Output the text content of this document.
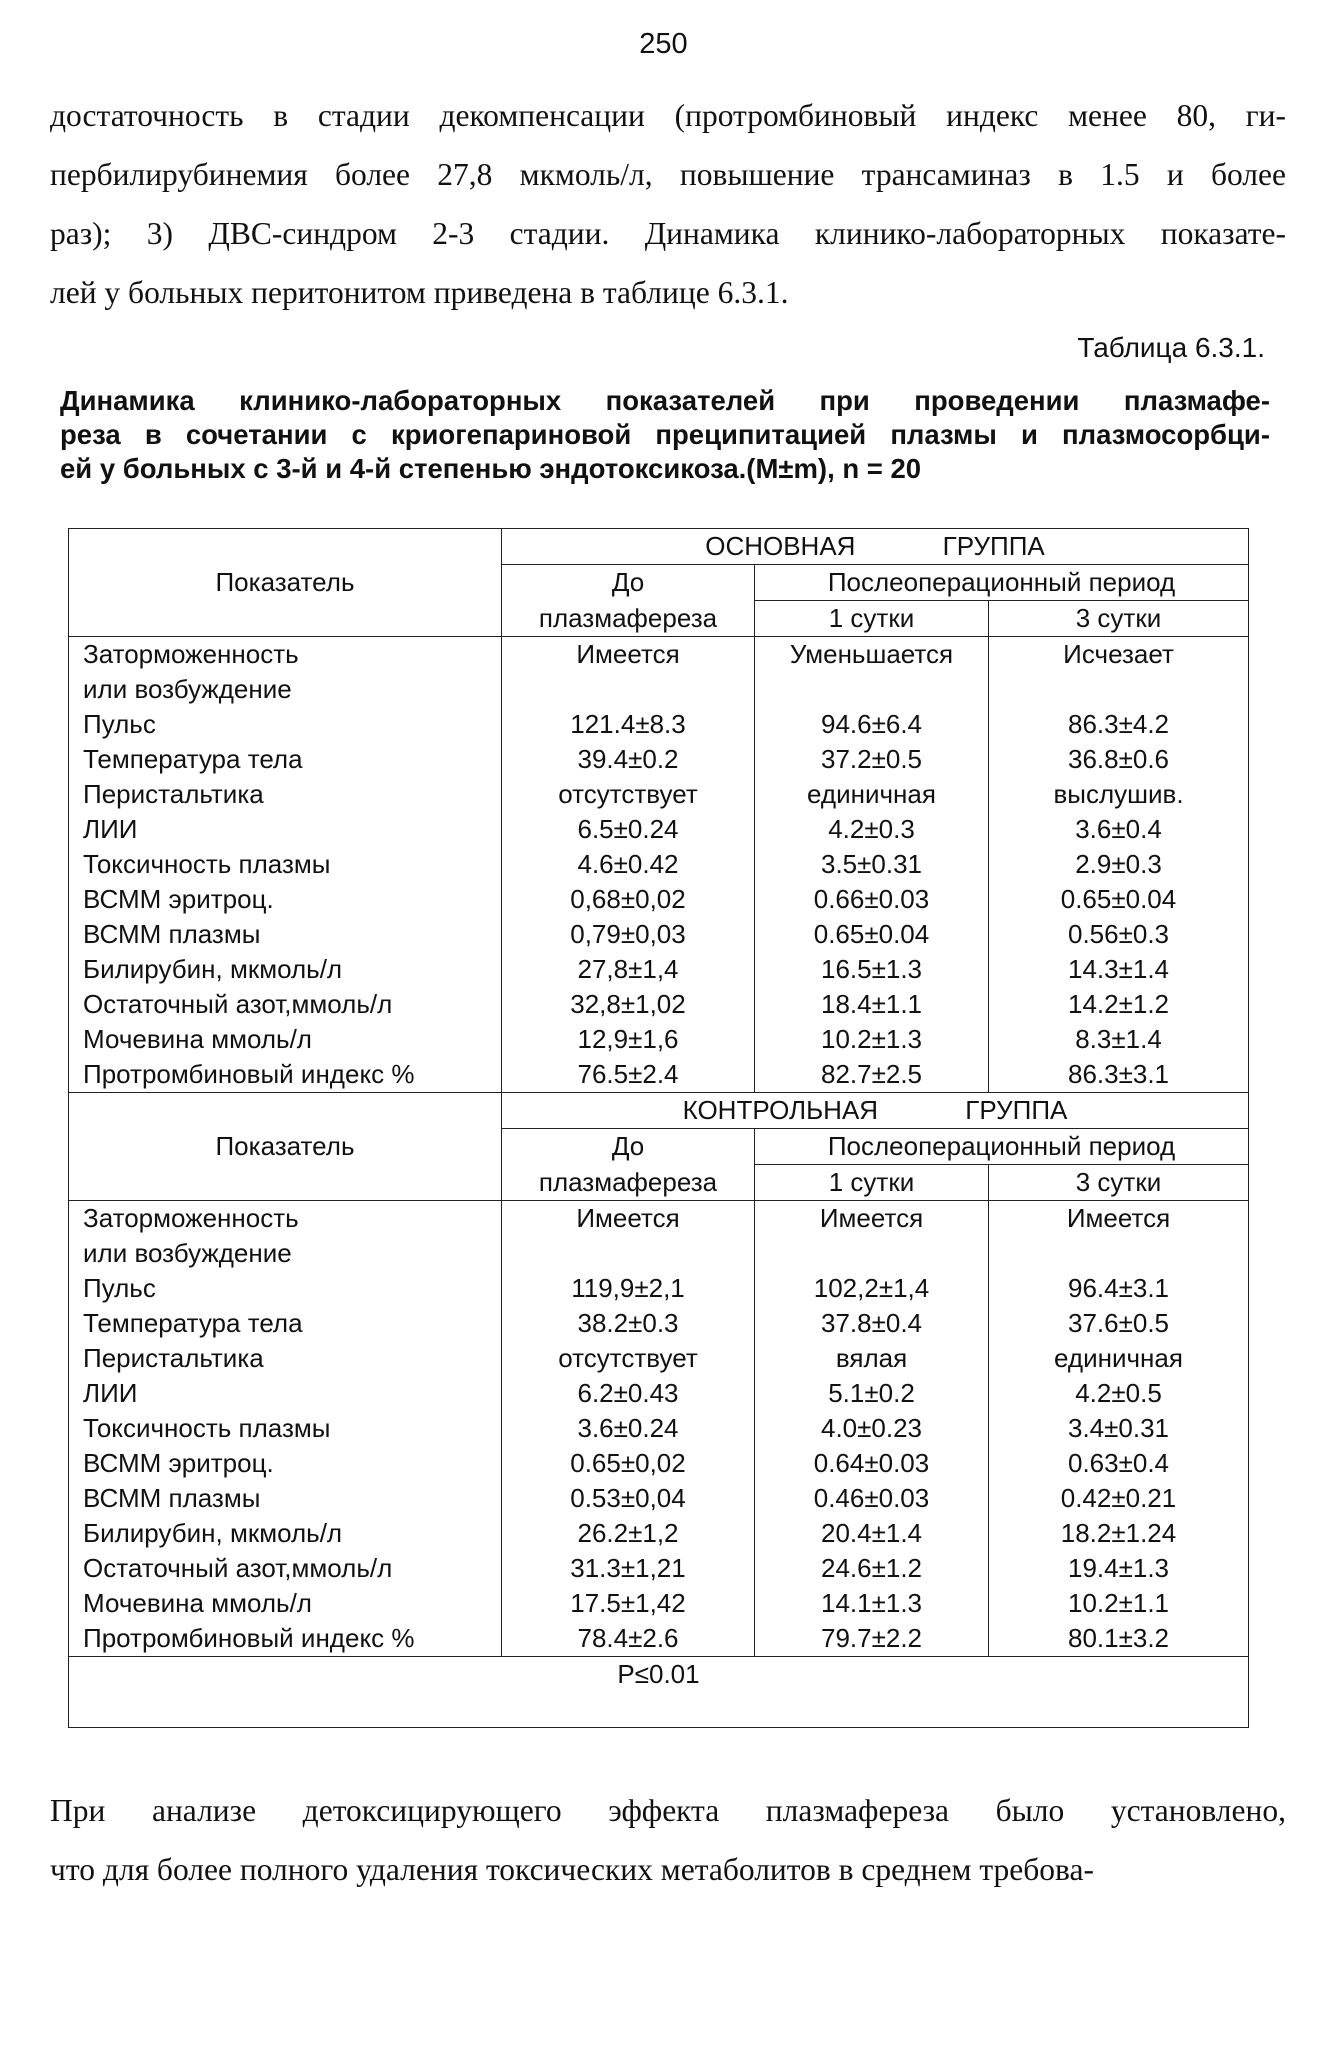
250
достаточность в стадии декомпенсации (протромбиновый индекс менее 80, ги-
пербилирубинемия более 27,8 мкмоль/л, повышение трансаминаз в 1.5 и более
раз); 3) ДВС-синдром 2-3 стадии. Динамика клинико-лабораторных показате-
лей у больных перитонитом приведена в таблице 6.3.1.
Таблица 6.3.1.
Динамика клинико-лабораторных показателей при проведении плазмафе-
реза в сочетании с криогепариновой преципитацией плазмы и плазмосорбци-
ей у больных с 3-й и 4-й степенью эндотоксикоза.(M±m), n = 20
Показатель	ОСНОВНАЯ ГРУППА		
	До	Послеоперационный период	
	плазмафереза	1 сутки	3 сутки
Заторможенность	Имеется	Уменьшается	Исчезает
или возбуждение			
Пульс	121.4±8.3	94.6±6.4	86.3±4.2
Температура тела	39.4±0.2	37.2±0.5	36.8±0.6
Перистальтика	отсутствует	единичная	выслушив.
ЛИИ	6.5±0.24	4.2±0.3	3.6±0.4
Токсичность плазмы	4.6±0.42	3.5±0.31	2.9±0.3
ВСММ эритроц.	0,68±0,02	0.66±0.03	0.65±0.04
ВСММ плазмы	0,79±0,03	0.65±0.04	0.56±0.3
Билирубин, мкмоль/л	27,8±1,4	16.5±1.3	14.3±1.4
Остаточный азот,ммоль/л	32,8±1,02	18.4±1.1	14.2±1.2
Мочевина ммоль/л	12,9±1,6	10.2±1.3	8.3±1.4
Протромбиновый индекс %	76.5±2.4	82.7±2.5	86.3±3.1
Показатель	КОНТРОЛЬНАЯ ГРУППА		
	До	Послеоперационный период	
	плазмафереза	1 сутки	3 сутки
Заторможенность	Имеется	Имеется	Имеется
или возбуждение			
Пульс	119,9±2,1	102,2±1,4	96.4±3.1
Температура тела	38.2±0.3	37.8±0.4	37.6±0.5
Перистальтика	отсутствует	вялая	единичная
ЛИИ	6.2±0.43	5.1±0.2	4.2±0.5
Токсичность плазмы	3.6±0.24	4.0±0.23	3.4±0.31
ВСММ эритроц.	0.65±0,02	0.64±0.03	0.63±0.4
ВСММ плазмы	0.53±0,04	0.46±0.03	0.42±0.21
Билирубин, мкмоль/л	26.2±1,2	20.4±1.4	18.2±1.24
Остаточный азот,ммоль/л	31.3±1,21	24.6±1.2	19.4±1.3
Мочевина ммоль/л	17.5±1,42	14.1±1.3	10.2±1.1
Протромбиновый индекс %	78.4±2.6	79.7±2.2	80.1±3.2
P≤0.01			
При анализе детоксицирующего эффекта плазмафереза было установлено,
что для более полного удаления токсических метаболитов в среднем требова-
